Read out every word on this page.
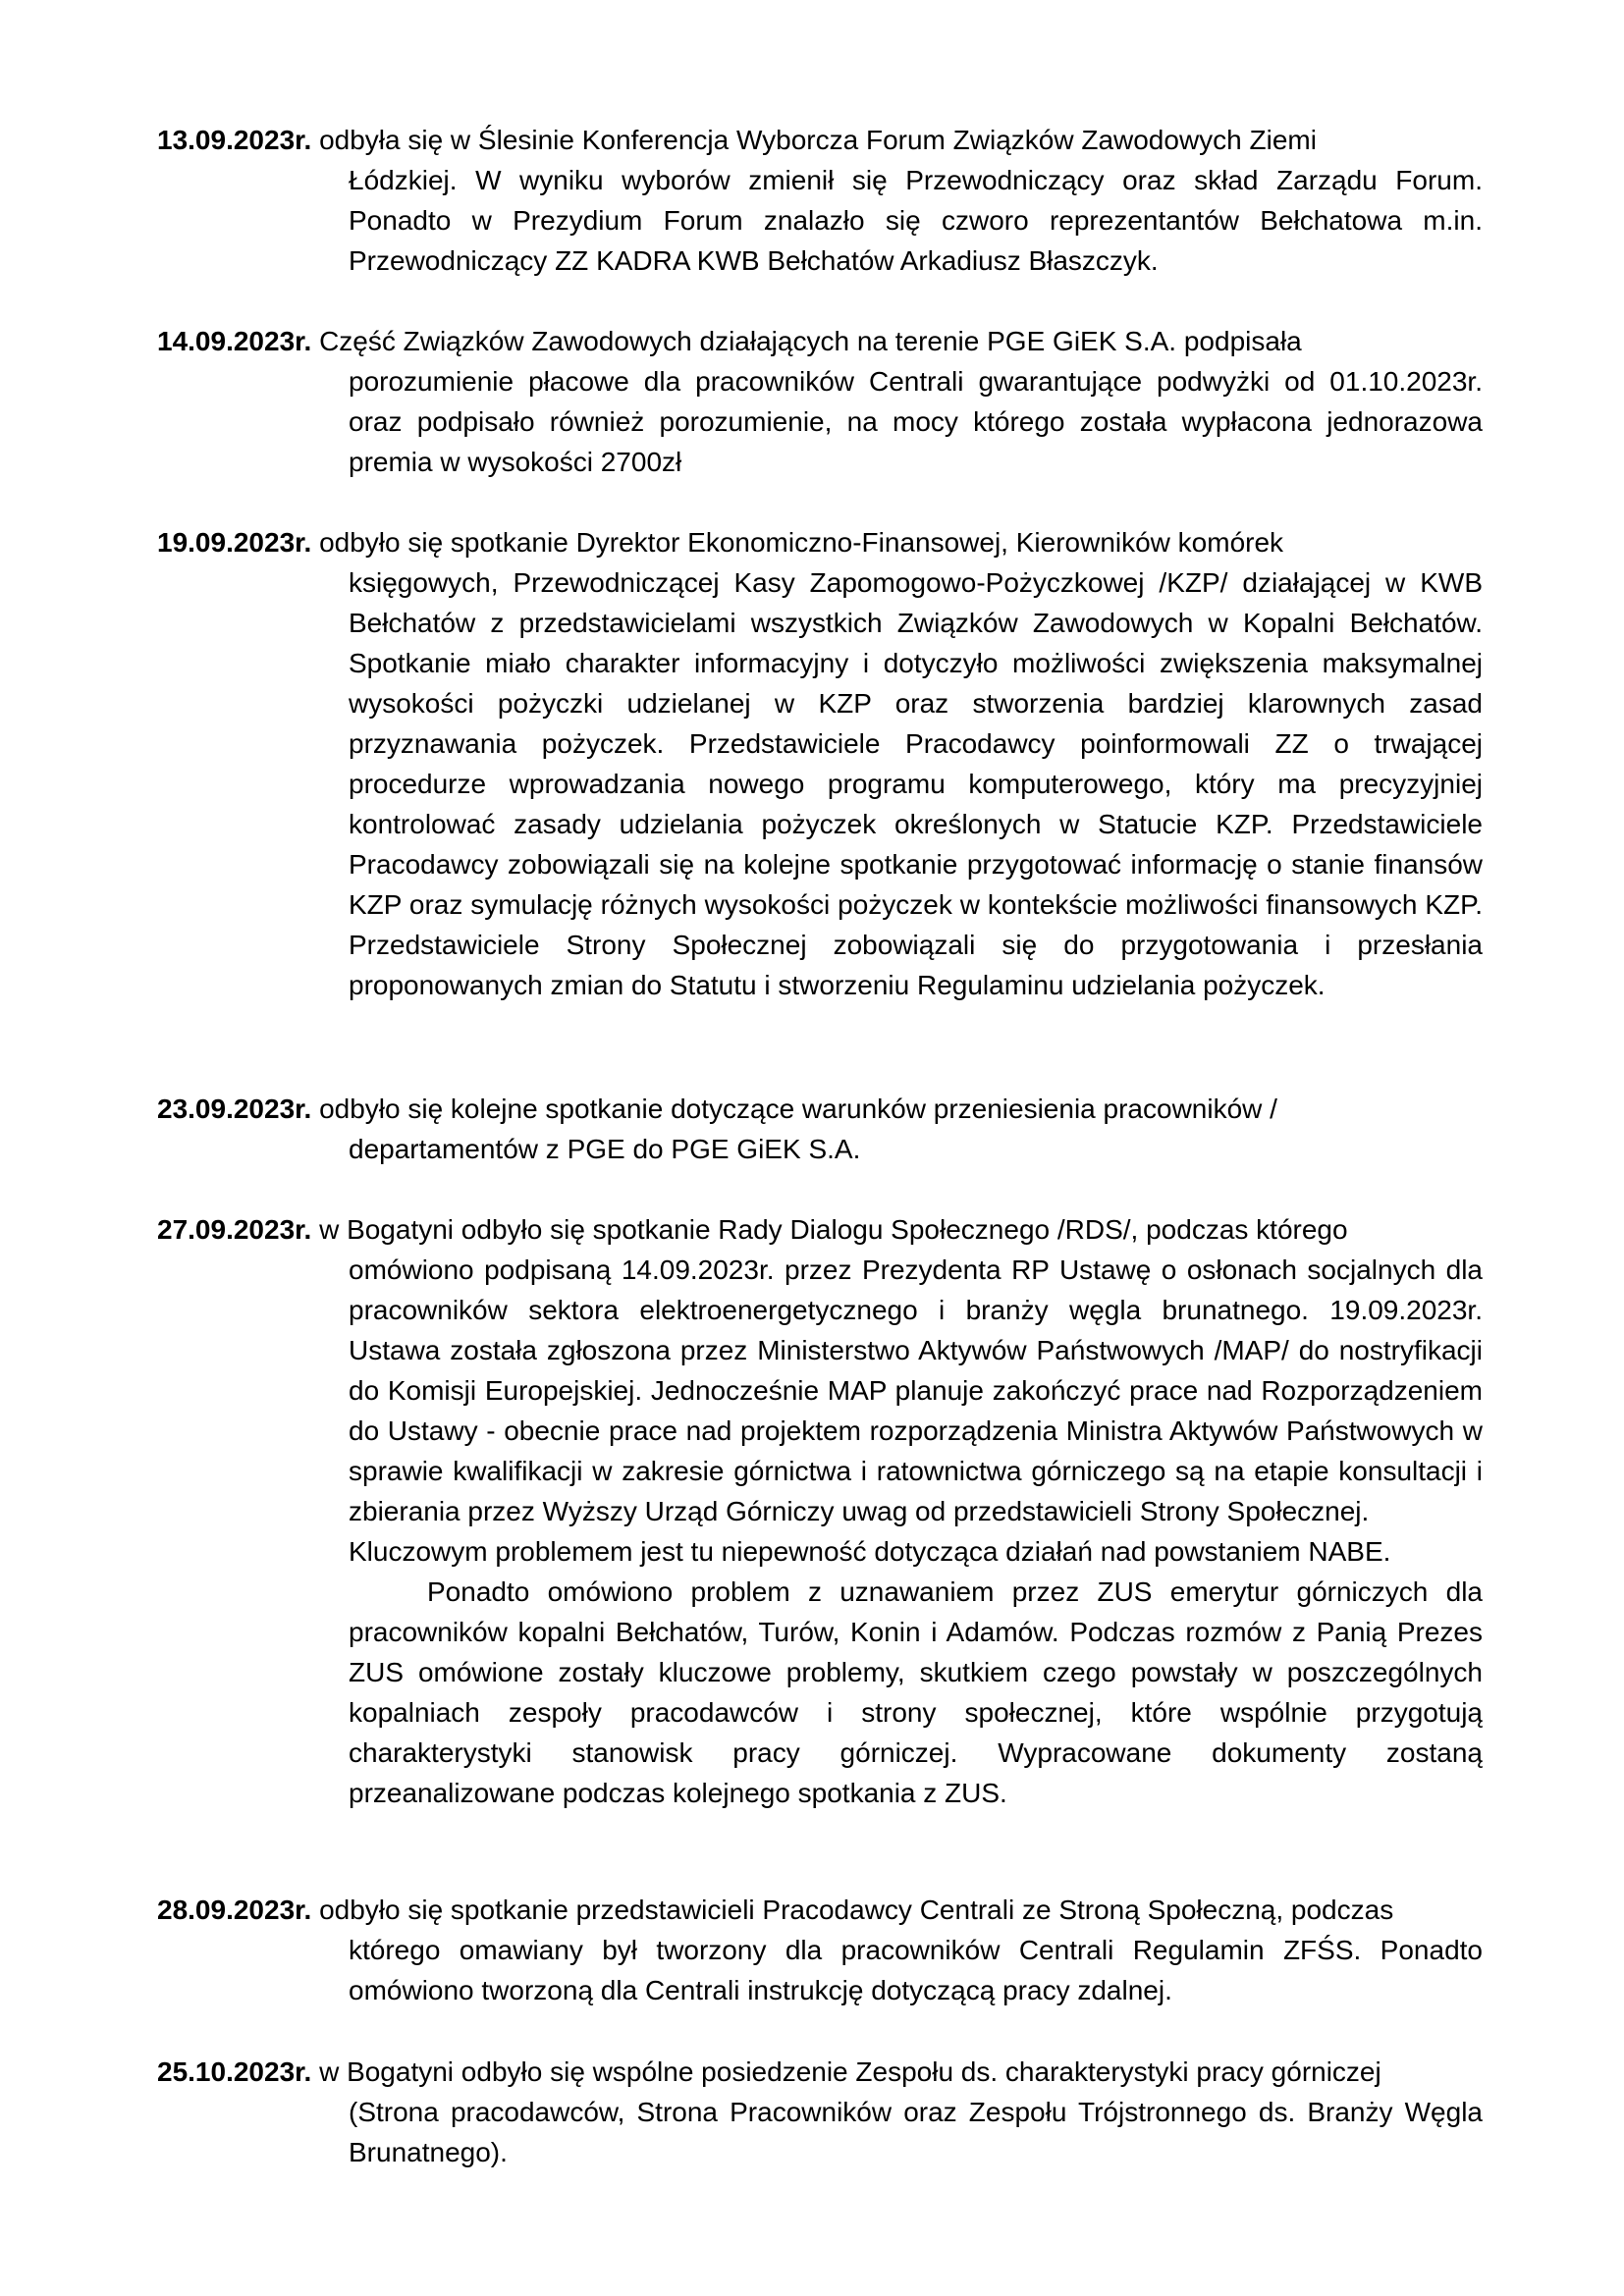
13.09.2023r. odbyła się w Ślesinie Konferencja Wyborcza Forum Związków Zawodowych Ziemi

Łódzkiej. W wyniku wyborów zmienił się Przewodniczący oraz skład Zarządu Forum. Ponadto w Prezydium Forum znalazło się czworo reprezentantów Bełchatowa m.in. Przewodniczący ZZ KADRA KWB Bełchatów Arkadiusz Błaszczyk.

14.09.2023r. Część Związków Zawodowych działających na terenie PGE GiEK S.A. podpisała

porozumienie płacowe dla pracowników Centrali gwarantujące podwyżki od 01.10.2023r. oraz podpisało również porozumienie, na mocy którego została wypłacona jednorazowa premia w wysokości 2700zł

19.09.2023r. odbyło się spotkanie Dyrektor Ekonomiczno-Finansowej, Kierowników komórek

księgowych, Przewodniczącej Kasy Zapomogowo-Pożyczkowej /KZP/ działającej w KWB Bełchatów z przedstawicielami wszystkich Związków Zawodowych w Kopalni Bełchatów. Spotkanie miało charakter informacyjny i dotyczyło możliwości zwiększenia maksymalnej wysokości pożyczki udzielanej w KZP oraz stworzenia bardziej klarownych zasad przyznawania pożyczek. Przedstawiciele Pracodawcy poinformowali ZZ o trwającej procedurze wprowadzania nowego programu komputerowego, który ma precyzyjniej kontrolować zasady udzielania pożyczek określonych w Statucie KZP. Przedstawiciele Pracodawcy zobowiązali się na kolejne spotkanie przygotować informację o stanie finansów KZP oraz symulację różnych wysokości pożyczek w kontekście możliwości finansowych KZP. Przedstawiciele Strony Społecznej zobowiązali się do przygotowania i przesłania proponowanych zmian do Statutu i stworzeniu Regulaminu udzielania pożyczek.

23.09.2023r. odbyło się kolejne spotkanie dotyczące warunków przeniesienia pracowników /

departamentów z PGE do PGE GiEK S.A.

27.09.2023r. w Bogatyni odbyło się spotkanie Rady Dialogu Społecznego /RDS/, podczas którego

omówiono podpisaną 14.09.2023r. przez Prezydenta RP Ustawę o osłonach socjalnych dla pracowników sektora elektroenergetycznego i branży węgla brunatnego. 19.09.2023r. Ustawa została zgłoszona przez Ministerstwo Aktywów Państwowych /MAP/ do nostryfikacji do Komisji Europejskiej. Jednocześnie MAP planuje zakończyć prace nad Rozporządzeniem do Ustawy - obecnie prace nad projektem rozporządzenia Ministra Aktywów Państwowych w sprawie kwalifikacji w zakresie górnictwa i ratownictwa górniczego są na etapie konsultacji i zbierania przez Wyższy Urząd Górniczy uwag od przedstawicieli Strony Społecznej.

Kluczowym problemem jest tu niepewność dotycząca działań nad powstaniem NABE.

Ponadto omówiono problem z uznawaniem przez ZUS emerytur górniczych dla pracowników kopalni Bełchatów, Turów, Konin i Adamów. Podczas rozmów z Panią Prezes ZUS omówione zostały kluczowe problemy, skutkiem czego powstały w poszczególnych kopalniach zespoły pracodawców i strony społecznej, które wspólnie przygotują charakterystyki stanowisk pracy górniczej. Wypracowane dokumenty zostaną przeanalizowane podczas kolejnego spotkania z ZUS.

28.09.2023r. odbyło się spotkanie przedstawicieli Pracodawcy Centrali ze Stroną Społeczną, podczas

którego omawiany był tworzony dla pracowników Centrali Regulamin ZFŚS. Ponadto omówiono tworzoną dla Centrali instrukcję dotyczącą pracy zdalnej.

25.10.2023r. w Bogatyni odbyło się wspólne posiedzenie Zespołu ds. charakterystyki pracy górniczej

(Strona pracodawców, Strona Pracowników oraz Zespołu Trójstronnego ds. Branży Węgla Brunatnego).
